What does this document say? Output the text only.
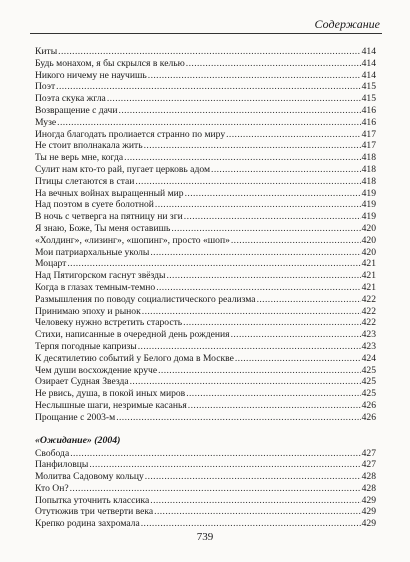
Содержание
Киты .....	414
Будь монахом, я бы скрылся в келью .....	414
Никого ничему не научишь .....	414
Поэт .....	415
Поэта скука жгла .....	415
Возвращение с дачи .....	416
Музе .....	416
Иногда благодать пролиается странно по миру .....	417
Не стоит вполнакала жить .....	417
Ты не верь мне, когда .....	418
Сулит нам кто-то рай, пугает церковь адом .....	418
Птицы слетаются в стаи .....	418
На вечных войнах выращенный мир .....	419
Над поэтом в суете болотной .....	419
В ночь с четверга на пятницу ни зги .....	419
Я знаю, Боже, Ты меня оставишь .....	420
«Холдинг», «лизинг», «шопинг», просто «шоп» .....	420
Мои патриархальные уколы .....	420
Моцарт .....	421
Над Пятигорском гаснут звёзды .....	421
Когда в глазах темным-темно .....	421
Размышления по поводу социалистического реализма .....	422
Принимаю эпоху и рынок .....	422
Человеку нужно встретить старость .....	422
Стихи, написанные в очередной день рождения .....	423
Терпя погодные капризы .....	423
К десятилетию событий у Белого дома в Москве .....	424
Чем души восхождение круче .....	425
Озирает Судная Звезда .....	425
Не рвись, душа, в покой иных миров .....	425
Неслышные шаги, незримые касанья .....	426
Прощание с 2003-м .....	426
«Ожидание» (2004)
Свобода .....	427
Панфиловцы .....	427
Молитва Садовому кольцу .....	428
Кто Он? .....	428
Попытка уточнить классика .....	429
Отутюжив три четверти века .....	429
Крепко родина захромала .....	429
739
